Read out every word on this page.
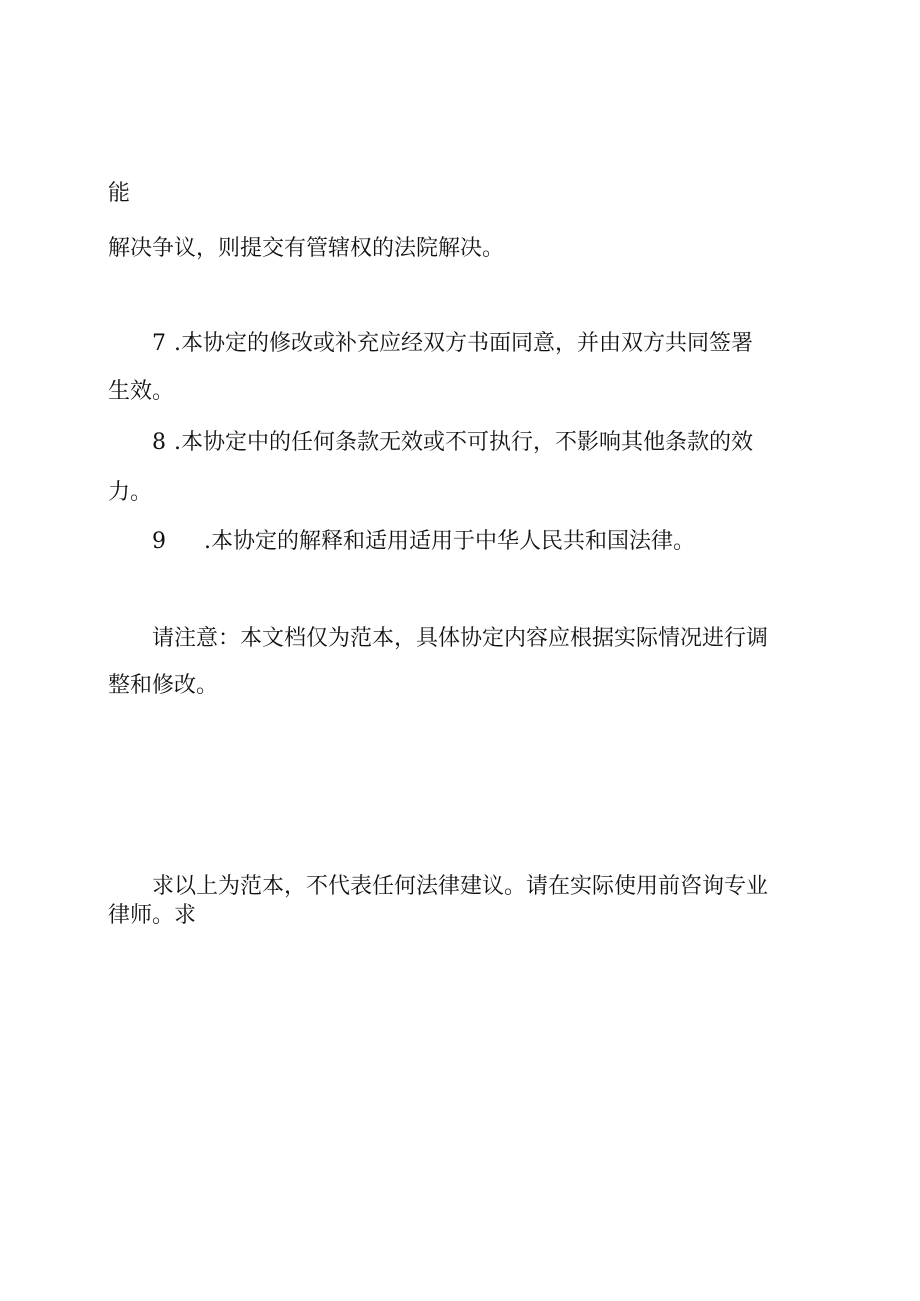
能
解决争议，则提交有管辖权的法院解决。
7 .本协定的修改或补充应经双方书面同意，并由双方共同签署
生效。
8 .本协定中的任何条款无效或不可执行，不影响其他条款的效
力。
9 .本协定的解释和适用适用于中华人民共和国法律。
请注意：本文档仅为范本，具体协定内容应根据实际情况进行调
整和修改。
求以上为范本，不代表任何法律建议。请在实际使用前咨询专业
律师。求
